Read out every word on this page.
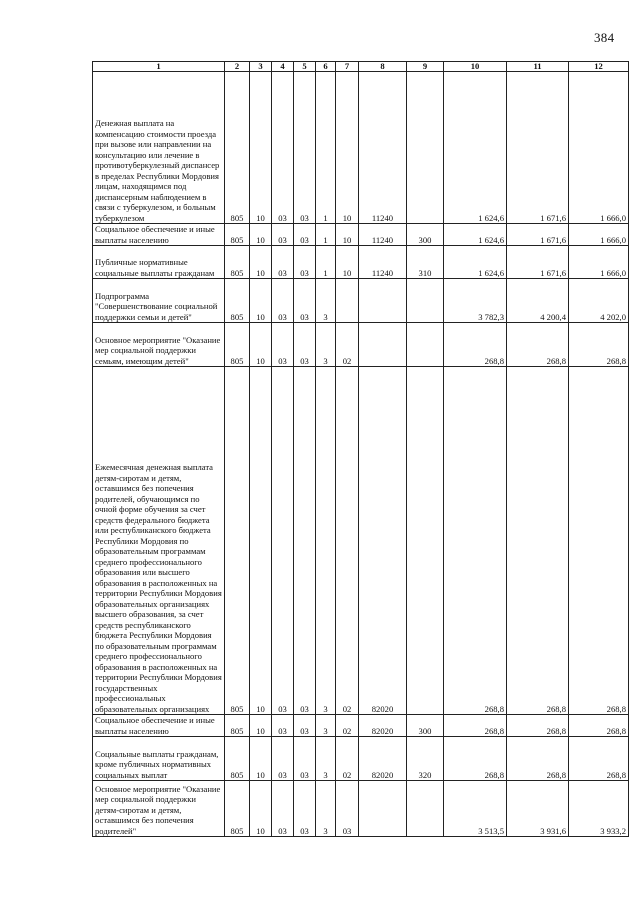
384
1	2	3	4	5	6	7	8	9	10	11	12
Денежная выплата на компенсацию стоимости проезда при вызове или направлении на консультацию или лечение в противотуберкулезный диспансер в пределах Республики Мордовия лицам, находящимся под диспансерным наблюдением в связи с туберкулезом, и больным туберкулезом	805	10	03	03	1	10	11240		1 624,6	1 671,6	1 666,0
Социальное обеспечение и иные выплаты населению	805	10	03	03	1	10	11240	300	1 624,6	1 671,6	1 666,0
Публичные нормативные социальные выплаты гражданам	805	10	03	03	1	10	11240	310	1 624,6	1 671,6	1 666,0
Подпрограмма "Совершенствование социальной поддержки семьи и детей"	805	10	03	03	3				3 782,3	4 200,4	4 202,0
Основное мероприятие "Оказание мер социальной поддержки семьям, имеющим детей"	805	10	03	03	3	02			268,8	268,8	268,8
Ежемесячная денежная выплата детям-сиротам и детям, оставшимся без попечения родителей, обучающимся по очной форме обучения за счет средств федерального бюджета или республиканского бюджета Республики Мордовия по образовательным программам среднего профессионального образования или высшего образования в расположенных на территории Республики Мордовия образовательных организациях высшего образования, за счет средств республиканского бюджета Республики Мордовия по образовательным программам среднего профессионального образования в расположенных на территории Республики Мордовия государственных профессиональных образовательных организациях	805	10	03	03	3	02	82020		268,8	268,8	268,8
Социальное обеспечение и иные выплаты населению	805	10	03	03	3	02	82020	300	268,8	268,8	268,8
Социальные выплаты гражданам, кроме публичных нормативных социальных выплат	805	10	03	03	3	02	82020	320	268,8	268,8	268,8
Основное мероприятие "Оказание мер социальной поддержки детям-сиротам и детям, оставшимся без попечения родителей"	805	10	03	03	3	03			3 513,5	3 931,6	3 933,2
